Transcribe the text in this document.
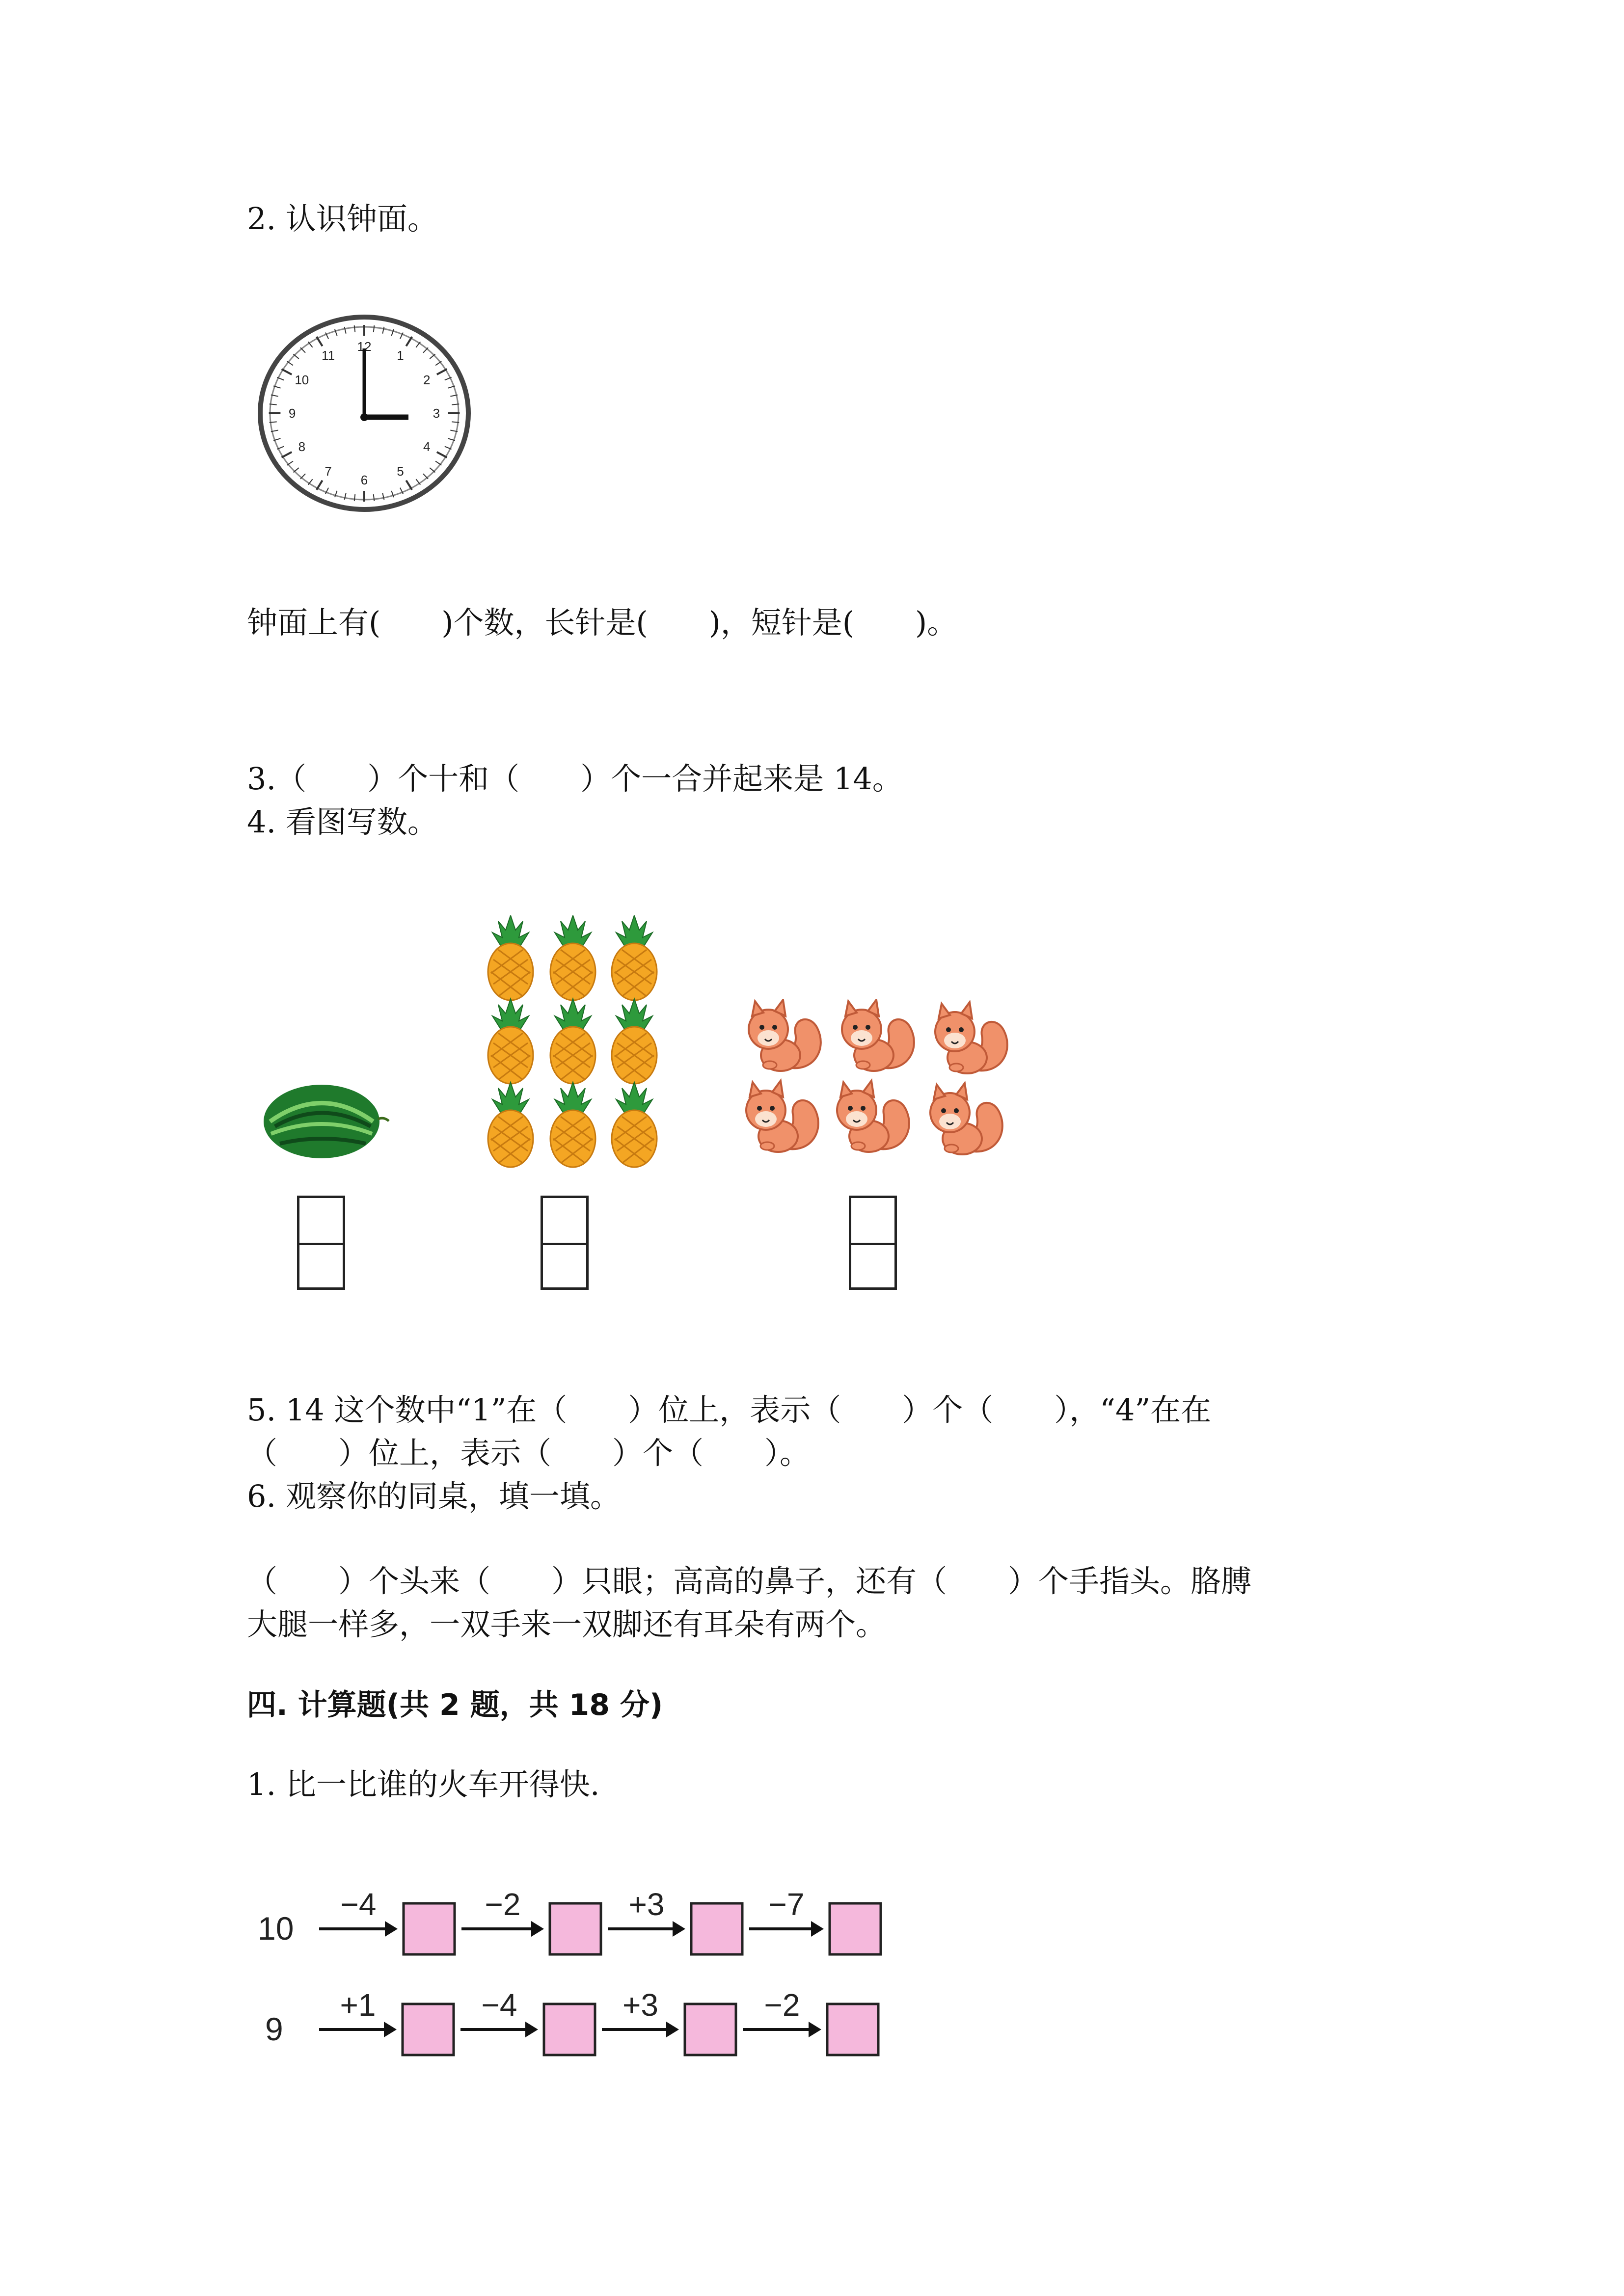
2. 认识钟面。
12
1
2
3
4
5
6
7
8
9
10
11
钟面上有(　　)个数，长针是(　　)，短针是(　　)。
3.（　　）个十和（　　）个一合并起来是 14。
4. 看图写数。
5. 14 这个数中“1”在（　　）位上，表示（　　）个（　　），“4”在在
（　　）位上，表示（　　）个（　　）。
6. 观察你的同桌，填一填。
（　　）个头来（　　）只眼；高高的鼻子，还有（　　）个手指头。胳膊
大腿一样多，一双手来一双脚还有耳朵有两个。
四. 计算题(共 2 题，共 18 分)
1. 比一比谁的火车开得快.
10
−4	−2	+3	−7
9
+1	−4	+3	−2
